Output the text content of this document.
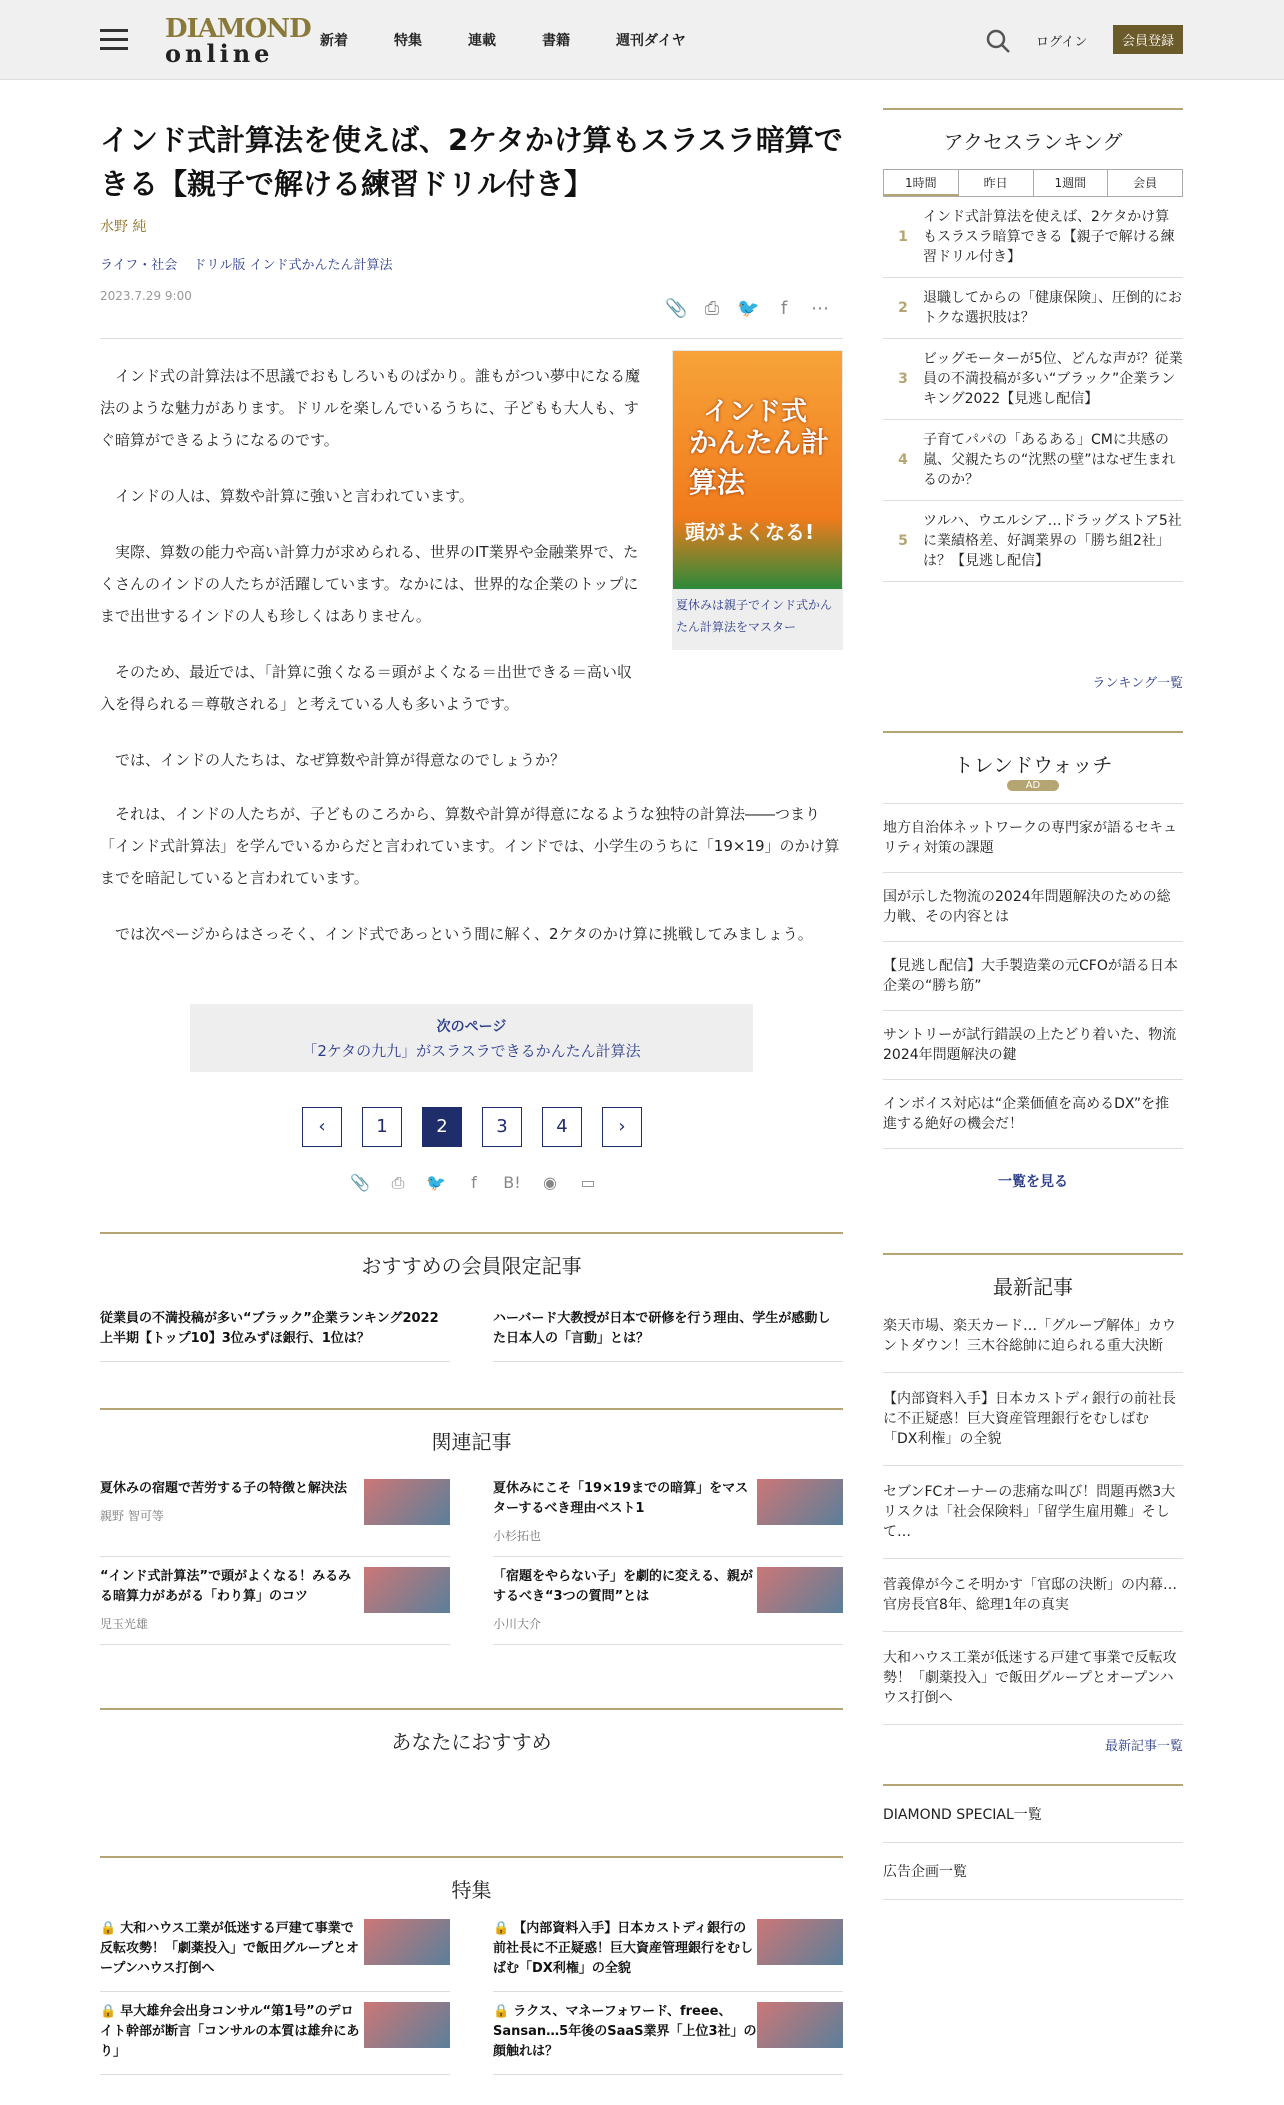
DIAMOND
online	新着	特集	連載	書籍	週刊ダイヤ	ログイン	会員登録
インド式計算法を使えば、2ケタかけ算もスラスラ暗算できる【親子で解ける練習ドリル付き】
水野 純
ライフ・社会 ドリル版 インド式かんたん計算法
2023.7.29 9:00
📎 ⎙ 🐦	f	⋯

インド式の計算法は不思議でおもしろいものばかり。誰もがつい夢中になる魔法のような魅力があります。ドリルを楽しんでいるうちに、子どもも大人も、すぐ暗算ができるようになるのです。

インドの人は、算数や計算に強いと言われています。

実際、算数の能力や高い計算力が求められる、世界のIT業界や金融業界で、たくさんのインドの人たちが活躍しています。なかには、世界的な企業のトップにまで出世するインドの人も珍しくはありません。

そのため、最近では、「計算に強くなる＝頭がよくなる＝出世できる＝高い収入を得られる＝尊敬される」と考えている人も多いようです。

では、インドの人たちは、なぜ算数や計算が得意なのでしょうか？

インド式
かんたん計算法
頭がよくなる!
夏休みは親子でインド式かんたん計算法をマスター

それは、インドの人たちが、子どものころから、算数や計算が得意になるような独特の計算法――つまり「インド式計算法」を学んでいるからだと言われています。インドでは、小学生のうちに「19×19」のかけ算までを暗記していると言われています。

では次ページからはさっそく、インド式であっという間に解く、2ケタのかけ算に挑戦してみましょう。

次のページ
「2ケタの九九」がスラスラできるかんたん計算法
‹	1	2	3	4	›
📎 ⎙ 🐦	f	B! ◉ ▭
おすすめの会員限定記事
従業員の不満投稿が多い“ブラック”企業ランキング2022上半期【トップ10】3位みずほ銀行、1位は？
ハーバード大教授が日本で研修を行う理由、学生が感動した日本人の「言動」とは？
関連記事
夏休みの宿題で苦労する子の特徴と解決法
親野 智可等
夏休みにこそ「19×19までの暗算」をマスターするべき理由ベスト1
小杉拓也
“インド式計算法”で頭がよくなる！みるみる暗算力があがる「わり算」のコツ
児玉光雄
「宿題をやらない子」を劇的に変える、親がするべき“3つの質問”とは
小川大介
あなたにおすすめ
特集
🔒 大和ハウス工業が低迷する戸建て事業で反転攻勢！「劇薬投入」で飯田グループとオープンハウス打倒へ
🔒 【内部資料入手】日本カストディ銀行の前社長に不正疑惑！巨大資産管理銀行をむしばむ「DX利権」の全貌
🔒 早大雄弁会出身コンサル“第1号”のデロイト幹部が断言「コンサルの本質は雄弁にあり」
🔒 ラクス、マネーフォワード、freee、Sansan…5年後のSaaS業界「上位3社」の顔触れは？
アクセスランキング
1時間	昨日	1週間	会員
1
インド式計算法を使えば、2ケタかけ算もスラスラ暗算できる【親子で解ける練習ドリル付き】
2
退職してからの「健康保険」、圧倒的におトクな選択肢は？
3
ビッグモーターが5位、どんな声が？従業員の不満投稿が多い“ブラック”企業ランキング2022【見逃し配信】
4
子育てパパの「あるある」CMに共感の嵐、父親たちの“沈黙の壁”はなぜ生まれるのか？
5
ツルハ、ウエルシア…ドラッグストア5社に業績格差、好調業界の「勝ち組2社」は？【見逃し配信】
ランキング一覧
トレンドウォッチ
AD
地方自治体ネットワークの専門家が語るセキュリティ対策の課題
国が示した物流の2024年問題解決のための総力戦、その内容とは
【見逃し配信】大手製造業の元CFOが語る日本企業の“勝ち筋”
サントリーが試行錯誤の上たどり着いた、物流2024年問題解決の鍵
インボイス対応は“企業価値を高めるDX”を推進する絶好の機会だ！
一覧を見る
最新記事
楽天市場、楽天カード…「グループ解体」カウントダウン！三木谷総帥に迫られる重大決断
【内部資料入手】日本カストディ銀行の前社長に不正疑惑！巨大資産管理銀行をむしばむ「DX利権」の全貌
セブンFCオーナーの悲痛な叫び！問題再燃3大リスクは「社会保険料」「留学生雇用難」そして…
菅義偉が今こそ明かす「官邸の決断」の内幕…官房長官8年、総理1年の真実
大和ハウス工業が低迷する戸建て事業で反転攻勢！「劇薬投入」で飯田グループとオープンハウス打倒へ
最新記事一覧
DIAMOND SPECIAL一覧
広告企画一覧
